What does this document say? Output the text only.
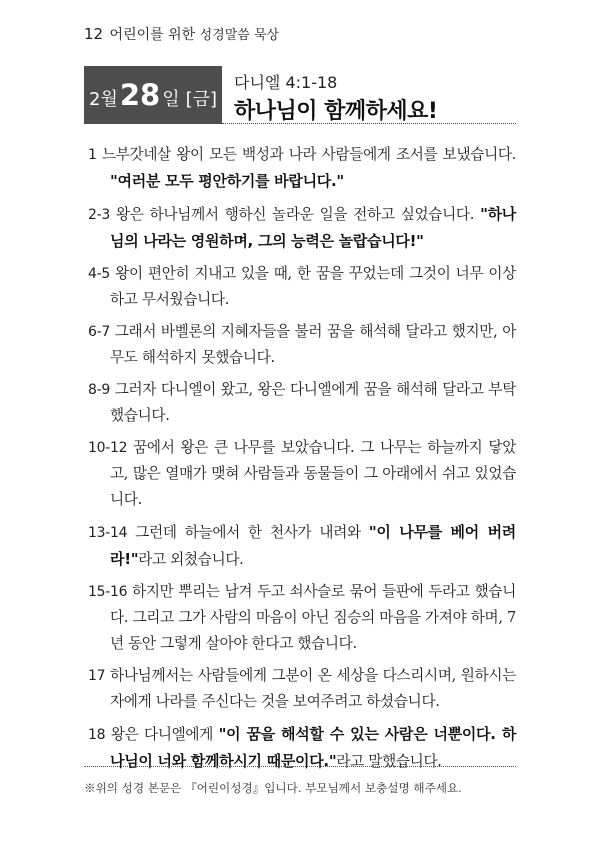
12 어린이를 위한 성경말씀 묵상
2 월 28 일 [금]
다니엘 4:1-18
하나님이 함께하세요!

1 느부갓네살 왕이 모든 백성과 나라 사람들에게 조서를 보냈습니다. "여러분 모두 평안하기를 바랍니다."

2-3 왕은 하나님께서 행하신 놀라운 일을 전하고 싶었습니다. "하나님의 나라는 영원하며, 그의 능력은 놀랍습니다!"

4-5 왕이 편안히 지내고 있을 때, 한 꿈을 꾸었는데 그것이 너무 이상하고 무서웠습니다.

6-7 그래서 바벨론의 지혜자들을 불러 꿈을 해석해 달라고 했지만, 아무도 해석하지 못했습니다.

8-9 그러자 다니엘이 왔고, 왕은 다니엘에게 꿈을 해석해 달라고 부탁했습니다.

10-12 꿈에서 왕은 큰 나무를 보았습니다. 그 나무는 하늘까지 닿았고, 많은 열매가 맺혀 사람들과 동물들이 그 아래에서 쉬고 있었습니다.

13-14 그런데 하늘에서 한 천사가 내려와 "이 나무를 베어 버려라!"라고 외쳤습니다.

15-16 하지만 뿌리는 남겨 두고 쇠사슬로 묶어 들판에 두라고 했습니다. 그리고 그가 사람의 마음이 아닌 짐승의 마음을 가져야 하며, 7년 동안 그렇게 살아야 한다고 했습니다.

17 하나님께서는 사람들에게 그분이 온 세상을 다스리시며, 원하시는 자에게 나라를 주신다는 것을 보여주려고 하셨습니다.

18 왕은 다니엘에게 "이 꿈을 해석할 수 있는 사람은 너뿐이다. 하나님이 너와 함께하시기 때문이다."라고 말했습니다.

※위의 성경 본문은 『어린이성경』입니다. 부모님께서 보충설명 해주세요.
